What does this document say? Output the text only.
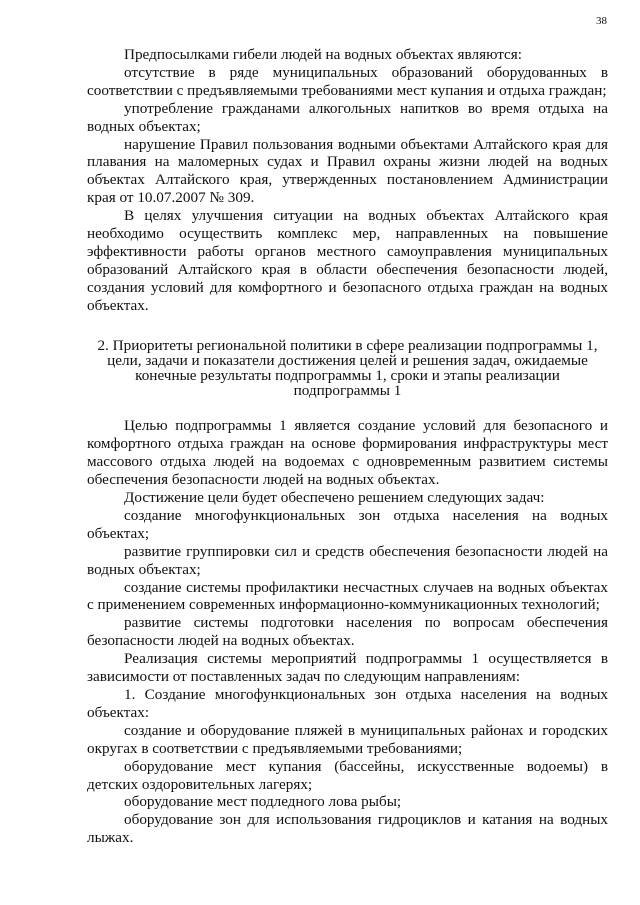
38

Предпосылками гибели людей на водных объектах являются:

отсутствие в ряде муниципальных образований оборудованных в соответствии с предъявляемыми требованиями мест купания и отдыха граждан;

употребление гражданами алкогольных напитков во время отдыха на водных объектах;

нарушение Правил пользования водными объектами Алтайского края для плавания на маломерных судах и Правил охраны жизни людей на водных объектах Алтайского края, утвержденных постановлением Администрации края от 10.07.2007 № 309.

В целях улучшения ситуации на водных объектах Алтайского края необходимо осуществить комплекс мер, направленных на повышение эффективности работы органов местного самоуправления муниципальных образований Алтайского края в области обеспечения безопасности людей, создания условий для комфортного и безопасного отдыха граждан на водных объектах.

2. Приоритеты региональной политики в сфере реализации подпрограммы 1, цели, задачи и показатели достижения целей и решения задач, ожидаемые конечные результаты подпрограммы 1, сроки и этапы реализации подпрограммы 1

Целью подпрограммы 1 является создание условий для безопасного и комфортного отдыха граждан на основе формирования инфраструктуры мест массового отдыха людей на водоемах с одновременным развитием системы обеспечения безопасности людей на водных объектах.

Достижение цели будет обеспечено решением следующих задач:

создание многофункциональных зон отдыха населения на водных объектах;

развитие группировки сил и средств обеспечения безопасности людей на водных объектах;

создание системы профилактики несчастных случаев на водных объектах с применением современных информационно-коммуникационных технологий;

развитие системы подготовки населения по вопросам обеспечения безопасности людей на водных объектах.

Реализация системы мероприятий подпрограммы 1 осуществляется в зависимости от поставленных задач по следующим направлениям:

1. Создание многофункциональных зон отдыха населения на водных объектах:

создание и оборудование пляжей в муниципальных районах и городских округах в соответствии с предъявляемыми требованиями;

оборудование мест купания (бассейны, искусственные водоемы) в детских оздоровительных лагерях;

оборудование мест подледного лова рыбы;

оборудование зон для использования гидроциклов и катания на водных лыжах.
